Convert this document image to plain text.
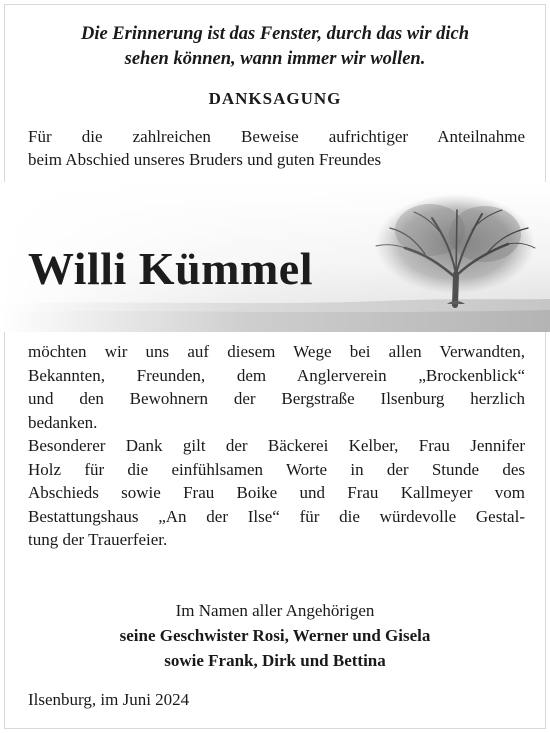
Die Erinnerung ist das Fenster, durch das wir dich
sehen können, wann immer wir wollen.
DANKSAGUNG
Für die zahlreichen Beweise aufrichtiger Anteilnahme
beim Abschied unseres Bruders und guten Freundes
Willi Kümmel
möchten wir uns auf diesem Wege bei allen Verwandten,
Bekannten, Freunden, dem Anglerverein „Brockenblick“
und den Bewohnern der Bergstraße Ilsenburg herzlich
bedanken.
Besonderer Dank gilt der Bäckerei Kelber, Frau Jennifer
Holz für die einfühlsamen Worte in der Stunde des
Abschieds sowie Frau Boike und Frau Kallmeyer vom
Bestattungshaus „An der Ilse“ für die würdevolle Gestal-
tung der Trauerfeier.
Im Namen aller Angehörigen
seine Geschwister Rosi, Werner und Gisela
sowie Frank, Dirk und Bettina
Ilsenburg, im Juni 2024
